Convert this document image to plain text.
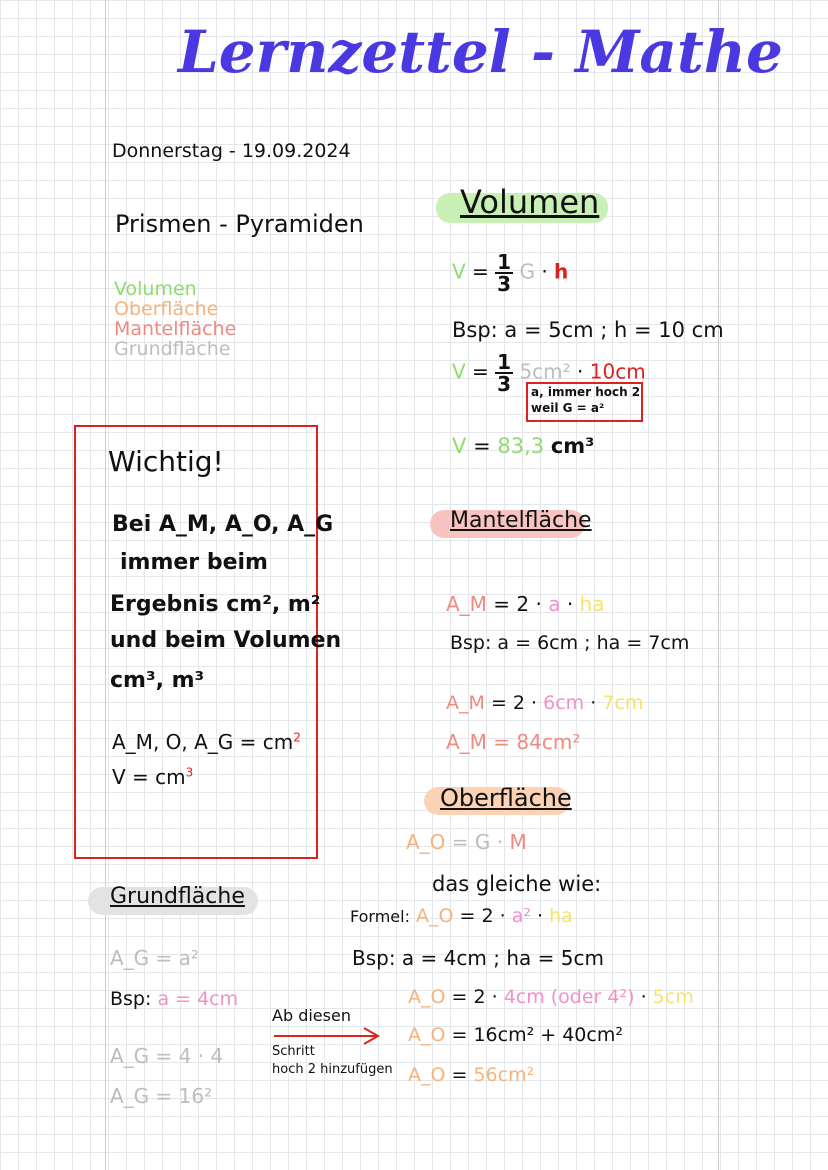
Lernzettel - Mathe
Donnerstag - 19.09.2024
Prismen - Pyramiden
Volumen
Oberfläche
Mantelfläche
Grundfläche
Wichtig!
Bei A_M, A_O, A_G
immer beim
Ergebnis cm², m²
und beim Volumen
cm³, m³
A_M, O, A_G = $cm^2$
$V = cm^3$
Volumen
$V = \frac{1}{3}$ G · h
Bsp: a = 5cm ; h = 10 cm
$V = \frac{1}{3} 5cm^2 \cdot 10cm$
a, immer hoch 2
weil G = a²
V = 83,3 cm³
Mantelfläche
A_M = 2 · a · ha
Bsp: a = 6cm ; ha = 7cm
A_M = 2 · 6cm · 7cm
A_M = 84cm²
Oberfläche
A_O = G · M
das gleiche wie:
Formel: A_O = 2 · a² · ha
Bsp: a = 4cm ; ha = 5cm
A_O = 2 · 4cm (oder 4²) · 5cm
A_O = 16cm² + 40cm²
A_O = 56cm²
Grundfläche
A_G = a²
Bsp: a = 4cm
A_G = 4 · 4
A_G = 16²
Ab diesen
Schritt
hoch 2 hinzufügen
